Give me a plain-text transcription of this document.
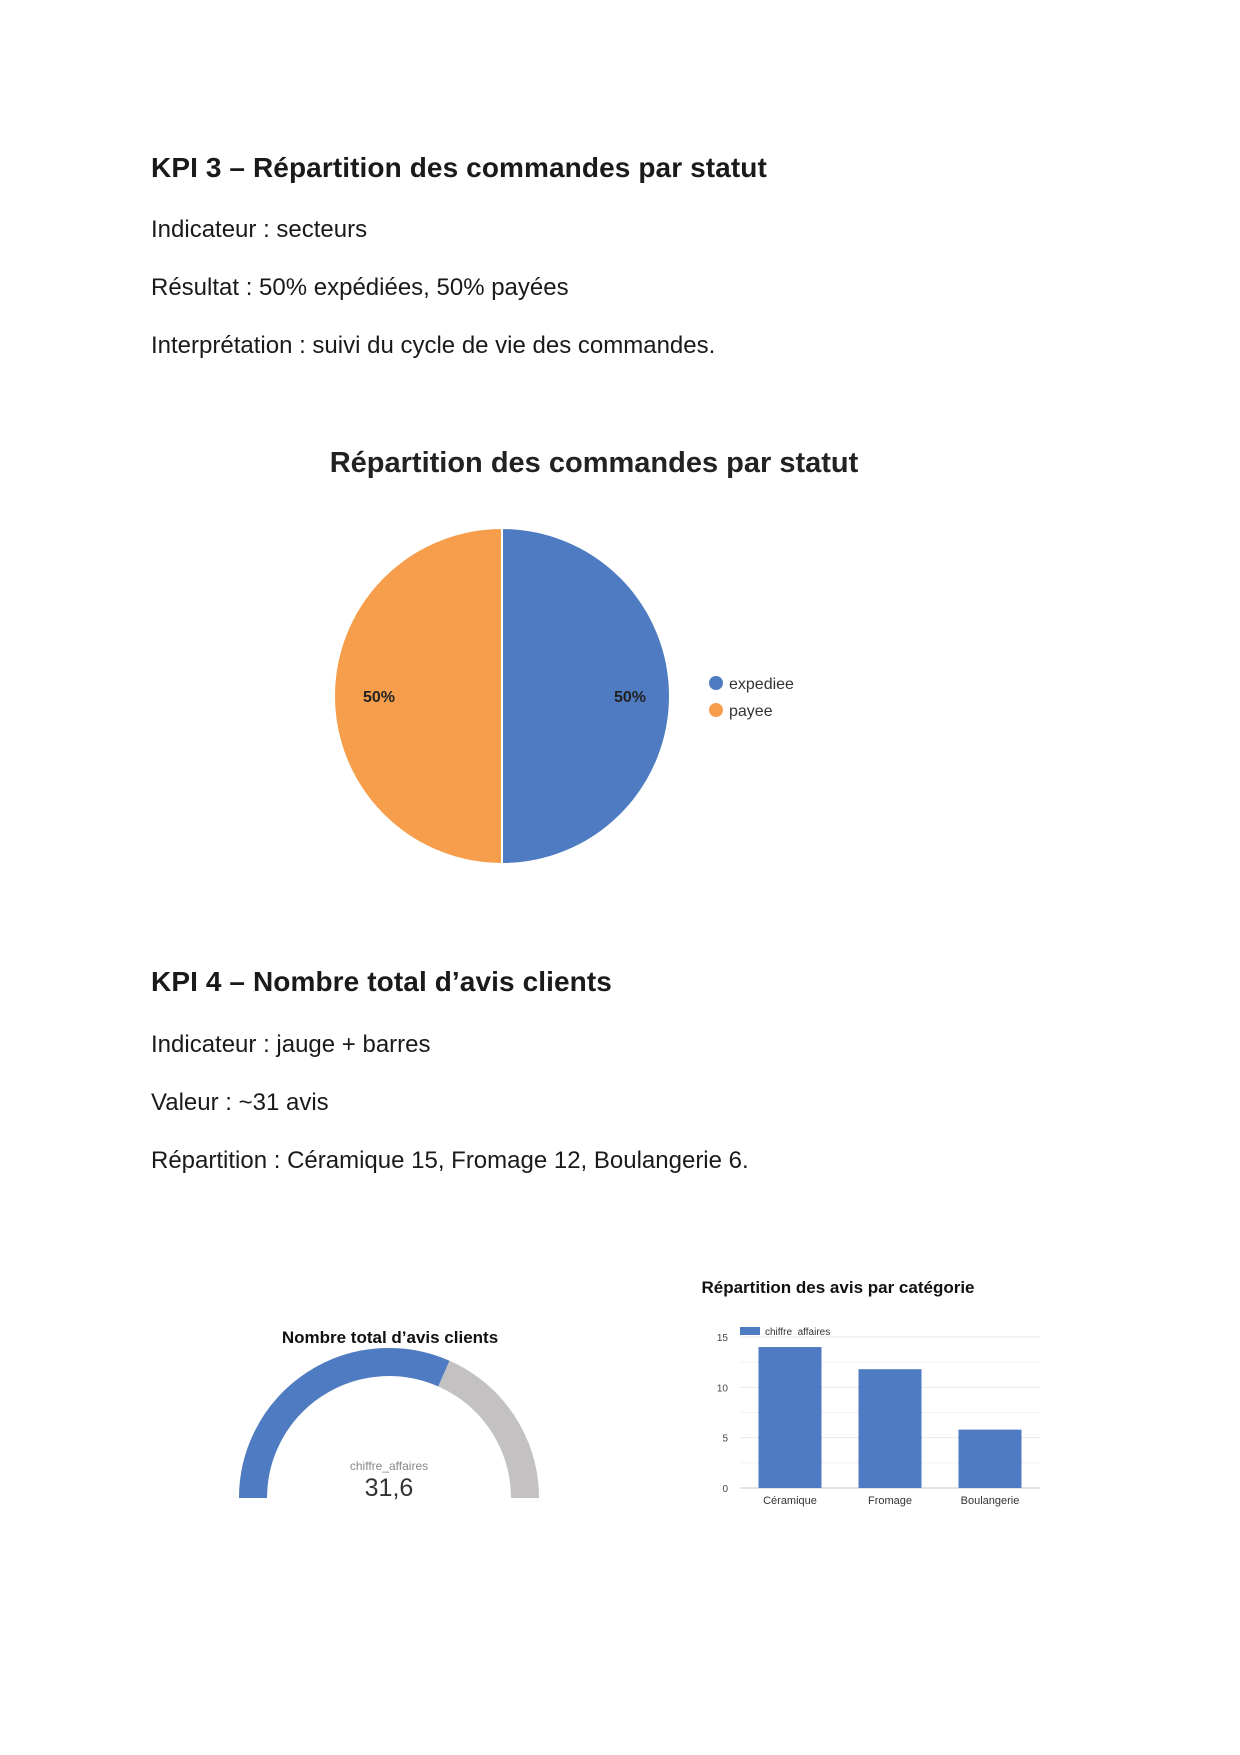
KPI 3 – Répartition des commandes par statut

Indicateur : secteurs

Résultat : 50% expédiées, 50% payées

Interprétation : suivi du cycle de vie des commandes.

Répartition des commandes par statut
50%
50%
expediee
payee
KPI 4 – Nombre total d’avis clients

Indicateur : jauge + barres

Valeur : ~31 avis

Répartition : Céramique 15, Fromage 12, Boulangerie 6.

Nombre total d’avis clients
chiffre_affaires
31,6
Répartition des avis par catégorie
chiffre_affaires
0
5
10
15
Céramique	Fromage	Boulangerie
